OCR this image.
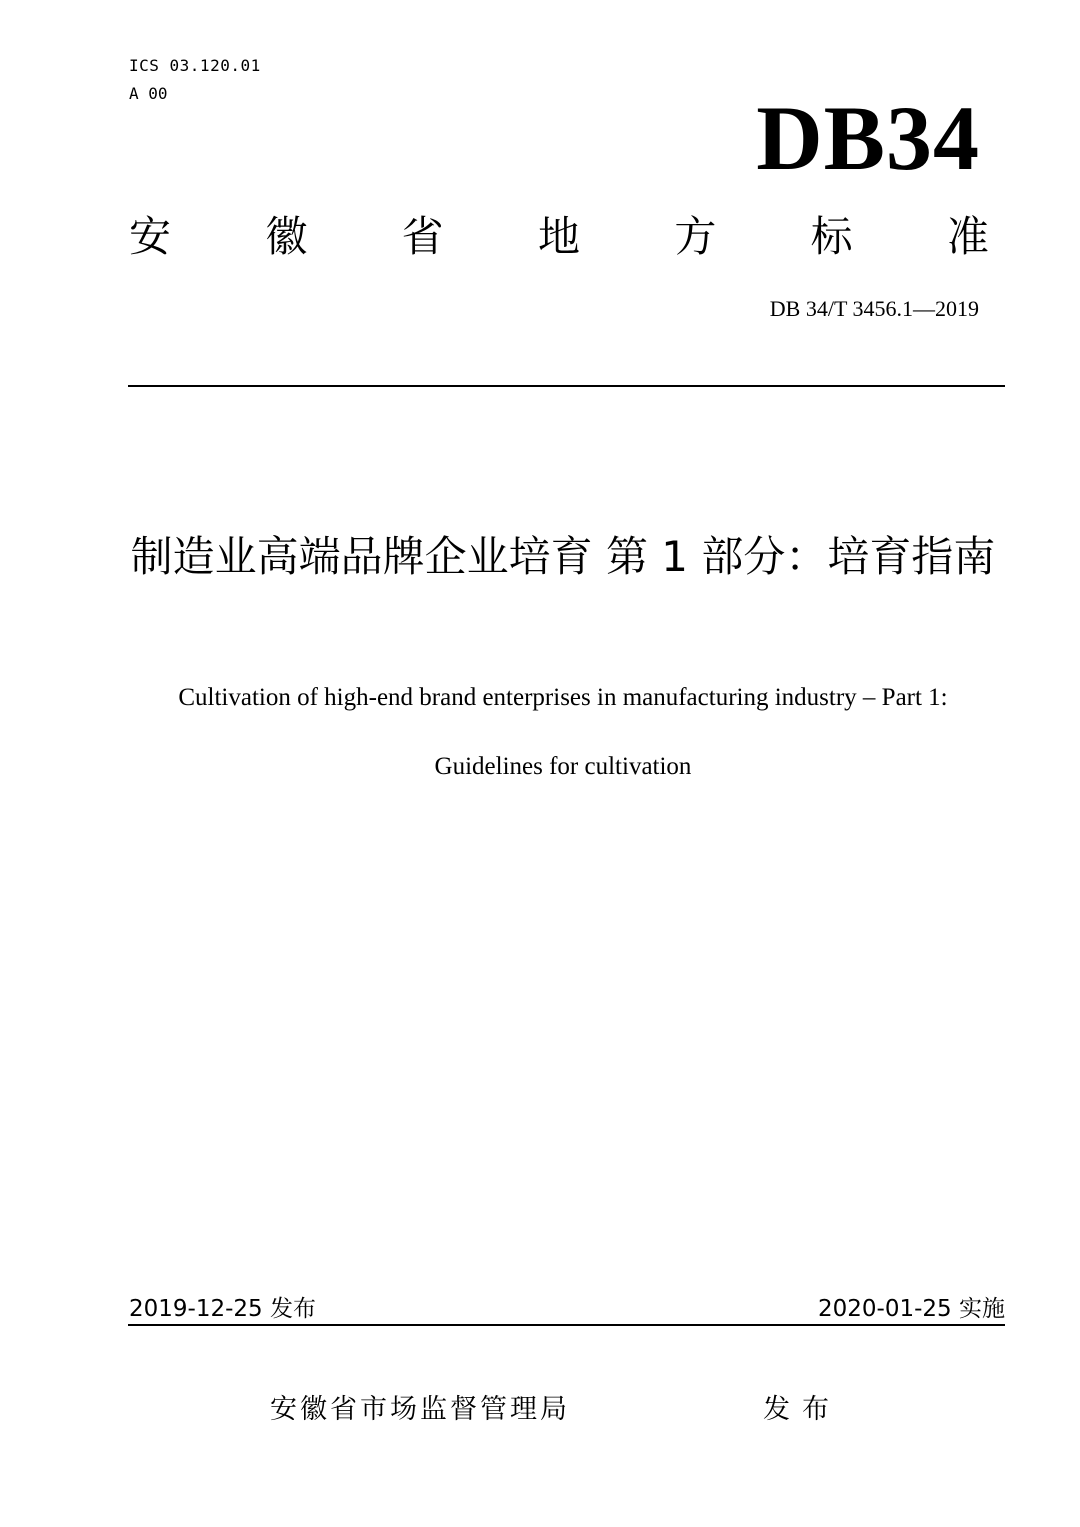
ICS 03.120.01
A 00	DB34
安 徽 省 地 方 标 准
DB 34/T 3456.1—2019
制造业高端品牌企业培育 第 1 部分：培育指南
Cultivation of high-end brand enterprises in manufacturing industry – Part 1:
Guidelines for cultivation
2019-12-25 发布	2020-01-25 实施
安徽省市场监督管理局	发布
